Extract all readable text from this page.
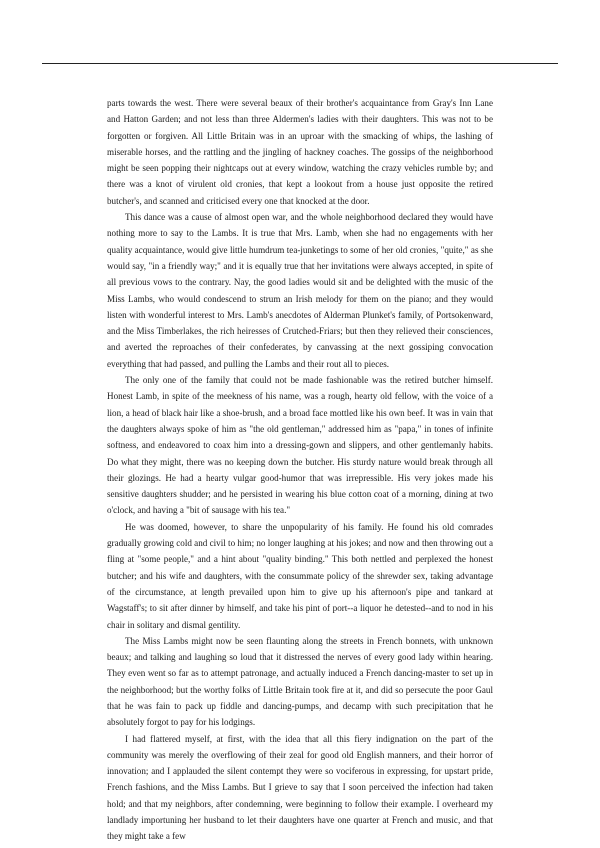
parts towards the west. There were several beaux of their brother's acquaintance from Gray's Inn Lane and Hatton Garden; and not less than three Aldermen's ladies with their daughters. This was not to be forgotten or forgiven. All Little Britain was in an uproar with the smacking of whips, the lashing of miserable horses, and the rattling and the jingling of hackney coaches. The gossips of the neighborhood might be seen popping their nightcaps out at every window, watching the crazy vehicles rumble by; and there was a knot of virulent old cronies, that kept a lookout from a house just opposite the retired butcher's, and scanned and criticised every one that knocked at the door.

This dance was a cause of almost open war, and the whole neighborhood declared they would have nothing more to say to the Lambs. It is true that Mrs. Lamb, when she had no engagements with her quality acquaintance, would give little humdrum tea-junketings to some of her old cronies, "quite," as she would say, "in a friendly way;" and it is equally true that her invitations were always accepted, in spite of all previous vows to the contrary. Nay, the good ladies would sit and be delighted with the music of the Miss Lambs, who would condescend to strum an Irish melody for them on the piano; and they would listen with wonderful interest to Mrs. Lamb's anecdotes of Alderman Plunket's family, of Portsokenward, and the Miss Timberlakes, the rich heiresses of Crutched-Friars; but then they relieved their consciences, and averted the reproaches of their confederates, by canvassing at the next gossiping convocation everything that had passed, and pulling the Lambs and their rout all to pieces.

The only one of the family that could not be made fashionable was the retired butcher himself. Honest Lamb, in spite of the meekness of his name, was a rough, hearty old fellow, with the voice of a lion, a head of black hair like a shoe-brush, and a broad face mottled like his own beef. It was in vain that the daughters always spoke of him as "the old gentleman," addressed him as "papa," in tones of infinite softness, and endeavored to coax him into a dressing-gown and slippers, and other gentlemanly habits. Do what they might, there was no keeping down the butcher. His sturdy nature would break through all their glozings. He had a hearty vulgar good-humor that was irrepressible. His very jokes made his sensitive daughters shudder; and he persisted in wearing his blue cotton coat of a morning, dining at two o'clock, and having a "bit of sausage with his tea."

He was doomed, however, to share the unpopularity of his family. He found his old comrades gradually growing cold and civil to him; no longer laughing at his jokes; and now and then throwing out a fling at "some people," and a hint about "quality binding." This both nettled and perplexed the honest butcher; and his wife and daughters, with the consummate policy of the shrewder sex, taking advantage of the circumstance, at length prevailed upon him to give up his afternoon's pipe and tankard at Wagstaff's; to sit after dinner by himself, and take his pint of port--a liquor he detested--and to nod in his chair in solitary and dismal gentility.

The Miss Lambs might now be seen flaunting along the streets in French bonnets, with unknown beaux; and talking and laughing so loud that it distressed the nerves of every good lady within hearing. They even went so far as to attempt patronage, and actually induced a French dancing-master to set up in the neighborhood; but the worthy folks of Little Britain took fire at it, and did so persecute the poor Gaul that he was fain to pack up fiddle and dancing-pumps, and decamp with such precipitation that he absolutely forgot to pay for his lodgings.

I had flattered myself, at first, with the idea that all this fiery indignation on the part of the community was merely the overflowing of their zeal for good old English manners, and their horror of innovation; and I applauded the silent contempt they were so vociferous in expressing, for upstart pride, French fashions, and the Miss Lambs. But I grieve to say that I soon perceived the infection had taken hold; and that my neighbors, after condemning, were beginning to follow their example. I overheard my landlady importuning her husband to let their daughters have one quarter at French and music, and that they might take a few
